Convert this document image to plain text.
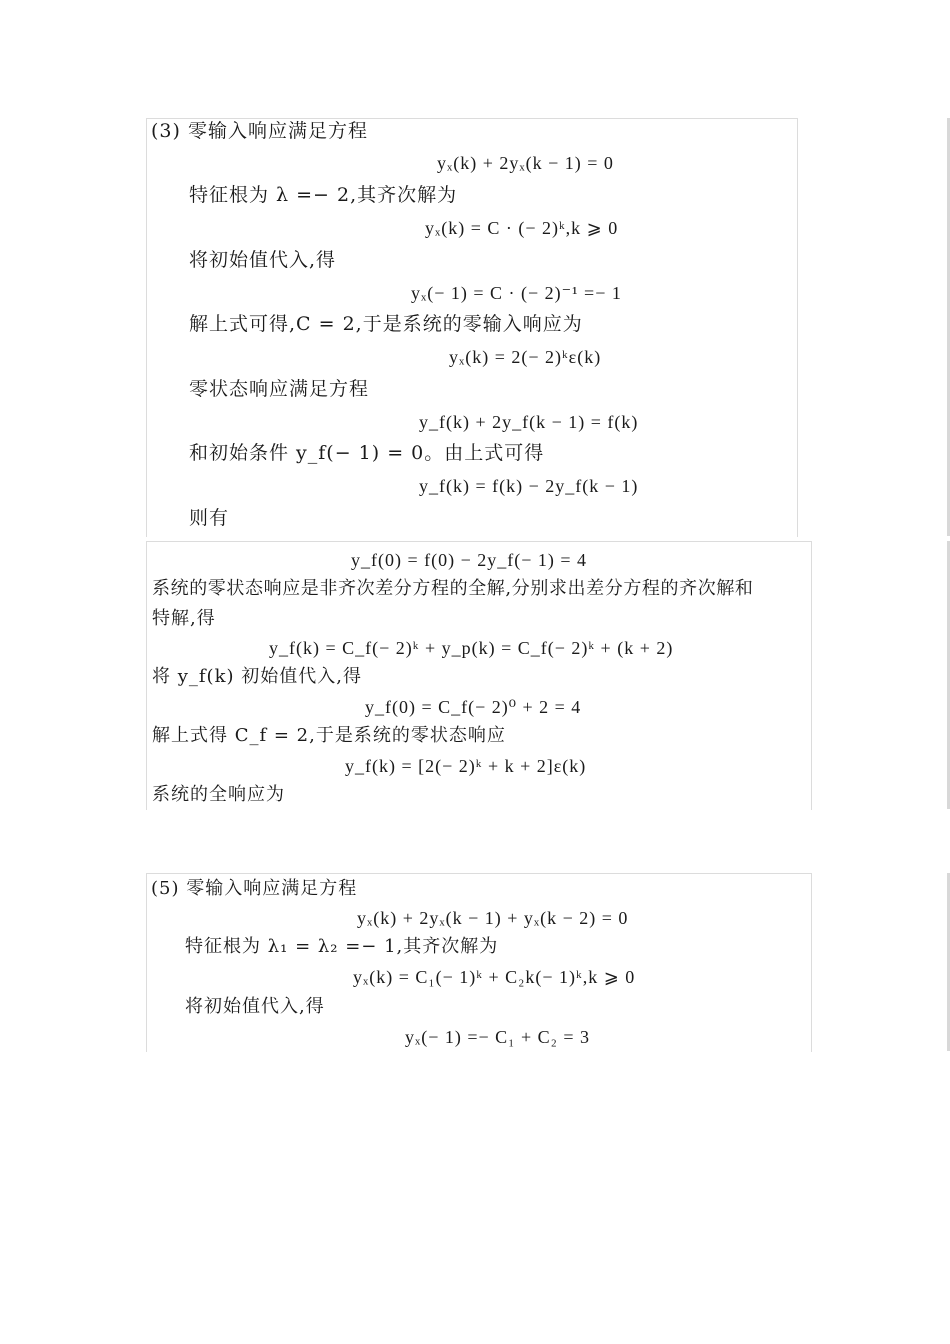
(3) 零输入响应满足方程
yₓ(k) + 2yₓ(k − 1) = 0
特征根为 λ =− 2,其齐次解为
yₓ(k) = C · (− 2)ᵏ,k ⩾ 0
将初始值代入,得
yₓ(− 1) = C · (− 2)⁻¹ =− 1
解上式可得,C = 2,于是系统的零输入响应为
yₓ(k) = 2(− 2)ᵏε(k)
零状态响应满足方程
y_f(k) + 2y_f(k − 1) = f(k)
和初始条件 y_f(− 1) = 0。由上式可得
y_f(k) = f(k) − 2y_f(k − 1)
则有
y_f(0) = f(0) − 2y_f(− 1) = 4
系统的零状态响应是非齐次差分方程的全解,分别求出差分方程的齐次解和
特解,得
y_f(k) = C_f(− 2)ᵏ + y_p(k) = C_f(− 2)ᵏ + (k + 2)
将 y_f(k) 初始值代入,得
y_f(0) = C_f(− 2)⁰ + 2 = 4
解上式得 C_f = 2,于是系统的零状态响应
y_f(k) = [2(− 2)ᵏ + k + 2]ε(k)
系统的全响应为
(5) 零输入响应满足方程
yₓ(k) + 2yₓ(k − 1) + yₓ(k − 2) = 0
特征根为 λ₁ = λ₂ =− 1,其齐次解为
yₓ(k) = C₁(− 1)ᵏ + C₂k(− 1)ᵏ,k ⩾ 0
将初始值代入,得
yₓ(− 1) =− C₁ + C₂ = 3
